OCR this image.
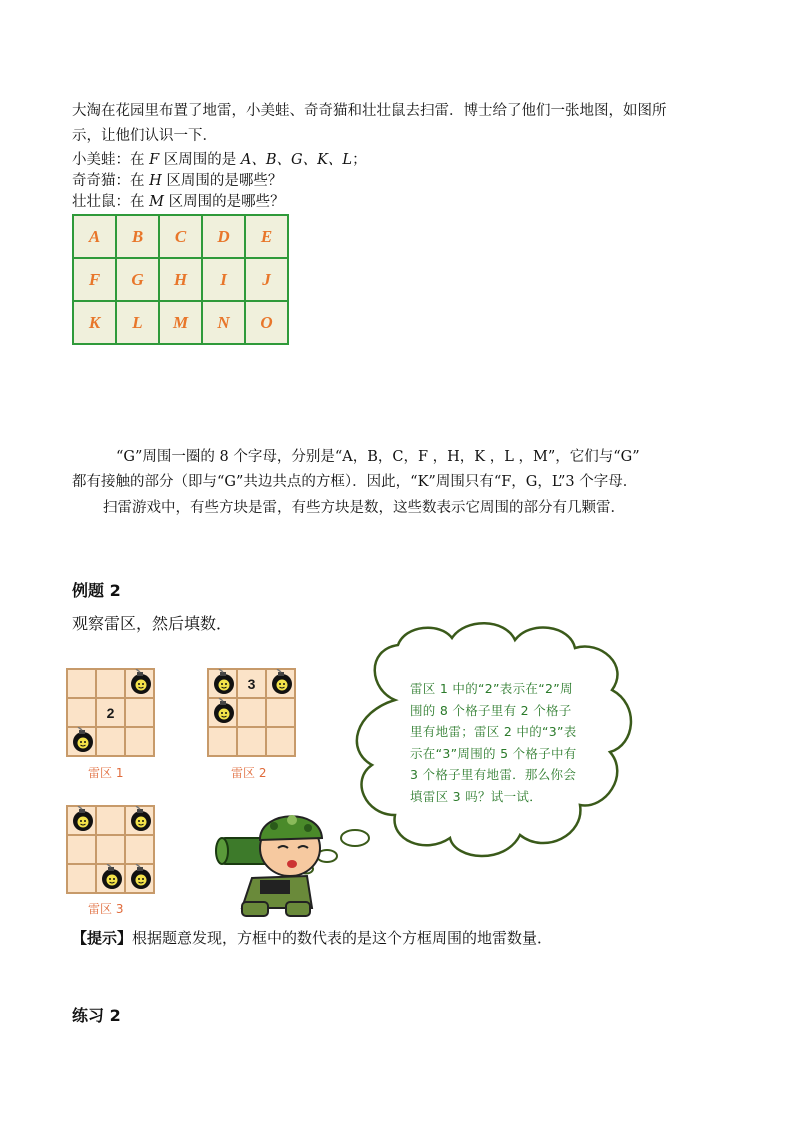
大淘在花园里布置了地雷，小美蛙、奇奇猫和壮壮鼠去扫雷．博士给了他们一张地图，如图所
示，让他们认识一下．
小美蛙：在 F 区周围的是 A、B、G、K、L；
奇奇猫：在 H 区周围的是哪些？
壮壮鼠：在 M 区周围的是哪些？
A	B	C	D	E
F	G	H	I	J
K	L	M	N	O
“G”周围一圈的 8 个字母，分别是“A，B，C，F ，H，K ，L ，M”，它们与“G”
都有接触的部分（即与“G”共边共点的方框）．因此，“K”周围只有“F，G，L”3 个字母．
扫雷游戏中，有些方块是雷，有些方块是数，这些数表示它周围的部分有几颗雷．
例题 2
观察雷区，然后填数．
2
雷区 1
3
雷区 2
雷区 3
雷区 1 中的“2”表示在“2”周围的 8 个格子里有 2 个格子里有地雷；雷区 2 中的“3”表示在“3”周围的 5 个格子中有 3 个格子里有地雷．那么你会填雷区 3 吗？试一试．
【提示】根据题意发现，方框中的数代表的是这个方框周围的地雷数量．
练习 2
